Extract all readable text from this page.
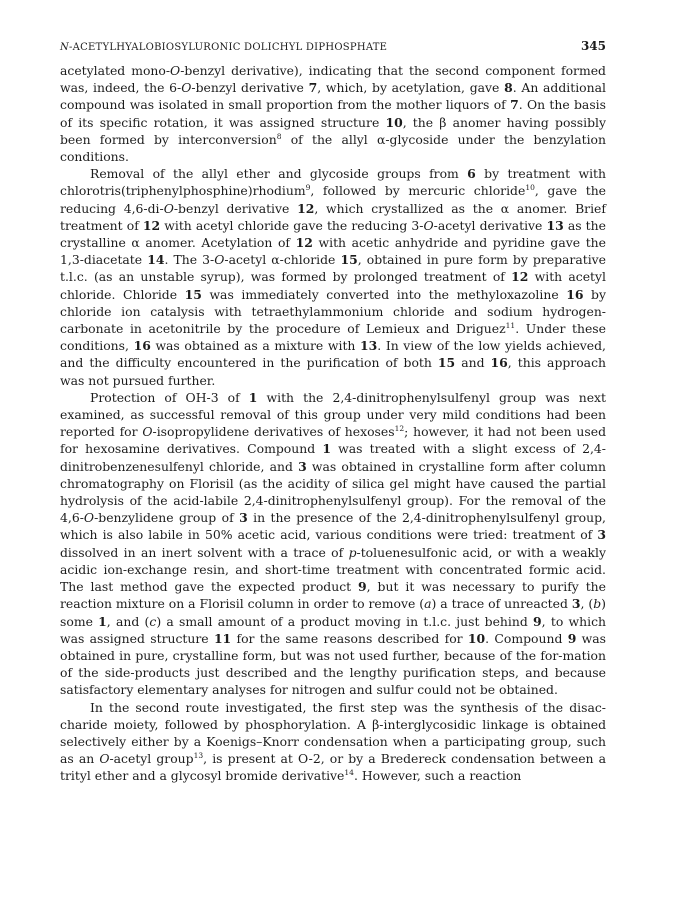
N-ACETYLHYALOBIOSYLURONIC DOLICHYL DIPHOSPHATE	345

acetylated mono-O-benzyl derivative), indicating that the second component formed was, indeed, the 6-O-benzyl derivative 7, which, by acetylation, gave 8. An additional compound was isolated in small proportion from the mother liquors of 7. On the basis of its specific rotation, it was assigned structure 10, the β anomer having possibly been formed by interconversion$^8$ of the allyl α-glycoside under the benzylation conditions.

Removal of the allyl ether and glycoside groups from 6 by treatment with chlorotris(triphenylphosphine)rhodium$^9$, followed by mercuric chloride$^{10}$, gave the reducing 4,6-di-O-benzyl derivative 12, which crystallized as the α anomer. Brief treatment of 12 with acetyl chloride gave the reducing 3-O-acetyl derivative 13 as the crystalline α anomer. Acetylation of 12 with acetic anhydride and pyridine gave the 1,3-diacetate 14. The 3-O-acetyl α-chloride 15, obtained in pure form by preparative t.l.c. (as an unstable syrup), was formed by prolonged treatment of 12 with acetyl chloride. Chloride 15 was immediately converted into the methyloxazoline 16 by chloride ion catalysis with tetraethylammonium chloride and sodium hydrogen-carbonate in acetonitrile by the procedure of Lemieux and Driguez$^{11}$. Under these conditions, 16 was obtained as a mixture with 13. In view of the low yields achieved, and the difficulty encountered in the purification of both 15 and 16, this approach was not pursued further.

Protection of OH-3 of 1 with the 2,4-dinitrophenylsulfenyl group was next examined, as successful removal of this group under very mild conditions had been reported for O-isopropylidene derivatives of hexoses$^{12}$; however, it had not been used for hexosamine derivatives. Compound 1 was treated with a slight excess of 2,4-dinitrobenzenesulfenyl chloride, and 3 was obtained in crystalline form after column chromatography on Florisil (as the acidity of silica gel might have caused the partial hydrolysis of the acid-labile 2,4-dinitrophenylsulfenyl group). For the removal of the 4,6-O-benzylidene group of 3 in the presence of the 2,4-dinitrophenylsulfenyl group, which is also labile in 50% acetic acid, various conditions were tried: treatment of 3 dissolved in an inert solvent with a trace of p-toluenesulfonic acid, or with a weakly acidic ion-exchange resin, and short-time treatment with concentrated formic acid. The last method gave the expected product 9, but it was necessary to purify the reaction mixture on a Florisil column in order to remove (a) a trace of unreacted 3, (b) some 1, and (c) a small amount of a product moving in t.l.c. just behind 9, to which was assigned structure 11 for the same reasons described for 10. Compound 9 was obtained in pure, crystalline form, but was not used further, because of the for-mation of the side-products just described and the lengthy purification steps, and because satisfactory elementary analyses for nitrogen and sulfur could not be obtained.

In the second route investigated, the first step was the synthesis of the disac-charide moiety, followed by phosphorylation. A β-interglycosidic linkage is obtained selectively either by a Koenigs–Knorr condensation when a participating group, such as an O-acetyl group$^{13}$, is present at O-2, or by a Bredereck condensation between a trityl ether and a glycosyl bromide derivative$^{14}$. However, such a reaction
